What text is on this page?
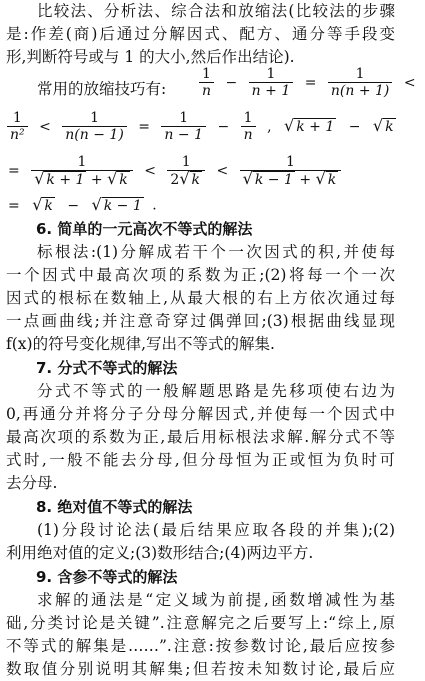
比较法、分析法、综合法和放缩法(比较法的步骤
是:作差(商)后通过分解因式、配方、通分等手段变
形,判断符号或与 1 的大小,然后作出结论).
常用的放缩技巧有: $\frac{1}{n} - \frac{1}{n + 1} = \frac{1}{n(n + 1)}$ <
$\frac{1}{\text{n²}} < \frac{1}{n(n - 1)} = \frac{1}{n - 1} - \frac{1}{n}$ , √ k + 1 − √ k
= $\frac{1}{√ k + 1 + √ k} < \frac{1}{2√ k} < \frac{1}{√ k - 1 + √ k}$
= √ k − √ k − 1 .
6. 简单的一元高次不等式的解法
标根法:(1)分解成若干个一次因式的积,并使每
一个因式中最高次项的系数为正;(2)将每一个一次
因式的根标在数轴上,从最大根的右上方依次通过每
一点画曲线;并注意奇穿过偶弹回;(3)根据曲线显现
f(x)的符号变化规律,写出不等式的解集.
7. 分式不等式的解法
分式不等式的一般解题思路是先移项使右边为
0,再通分并将分子分母分解因式,并使每一个因式中
最高次项的系数为正,最后用标根法求解.解分式不等
式时,一般不能去分母,但分母恒为正或恒为负时可
去分母.
8. 绝对值不等式的解法
(1)分段讨论法(最后结果应取各段的并集);(2)
利用绝对值的定义;(3)数形结合;(4)两边平方.
9. 含参不等式的解法
求解的通法是“定义域为前提,函数增减性为基
础,分类讨论是关键”.注意解完之后要写上:“综上,原
不等式的解集是……”.注意:按参数讨论,最后应按参
数取值分别说明其解集;但若按未知数讨论,最后应
